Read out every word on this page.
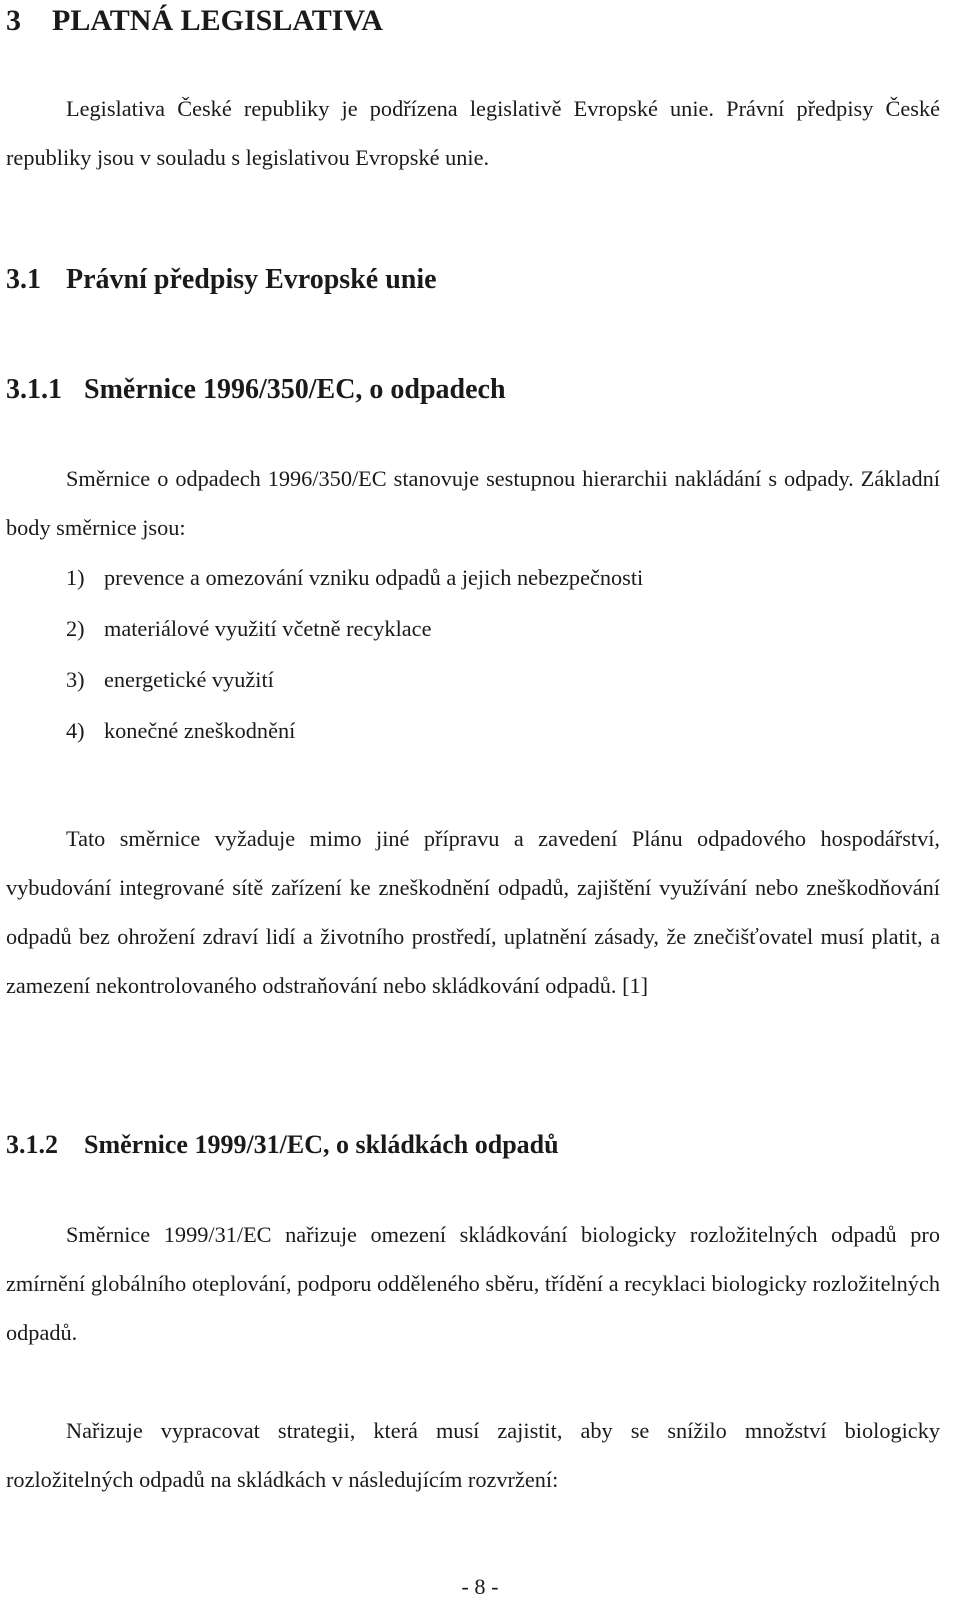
3 PLATNÁ LEGISLATIVA

Legislativa České republiky je podřízena legislativě Evropské unie. Právní předpisy České republiky jsou v souladu s legislativou Evropské unie.

3.1 Právní předpisy Evropské unie
3.1.1 Směrnice 1996/350/EC, o odpadech

Směrnice o odpadech 1996/350/EC stanovuje sestupnou hierarchii nakládání s odpady. Základní body směrnice jsou:

1) prevence a omezování vzniku odpadů a jejich nebezpečnosti
2) materiálové využití včetně recyklace
3) energetické využití
4) konečné zneškodnění

Tato směrnice vyžaduje mimo jiné přípravu a zavedení Plánu odpadového hospodářství, vybudování integrované sítě zařízení ke zneškodnění odpadů, zajištění využívání nebo zneškodňování odpadů bez ohrožení zdraví lidí a životního prostředí, uplatnění zásady, že znečišťovatel musí platit, a zamezení nekontrolovaného odstraňování nebo skládkování odpadů. [1]

3.1.2 Směrnice 1999/31/EC, o skládkách odpadů

Směrnice 1999/31/EC nařizuje omezení skládkování biologicky rozložitelných odpadů pro zmírnění globálního oteplování, podporu odděleného sběru, třídění a recyklaci biologicky rozložitelných odpadů.

Nařizuje vypracovat strategii, která musí zajistit, aby se snížilo množství biologicky rozložitelných odpadů na skládkách v následujícím rozvržení:

- 8 -
